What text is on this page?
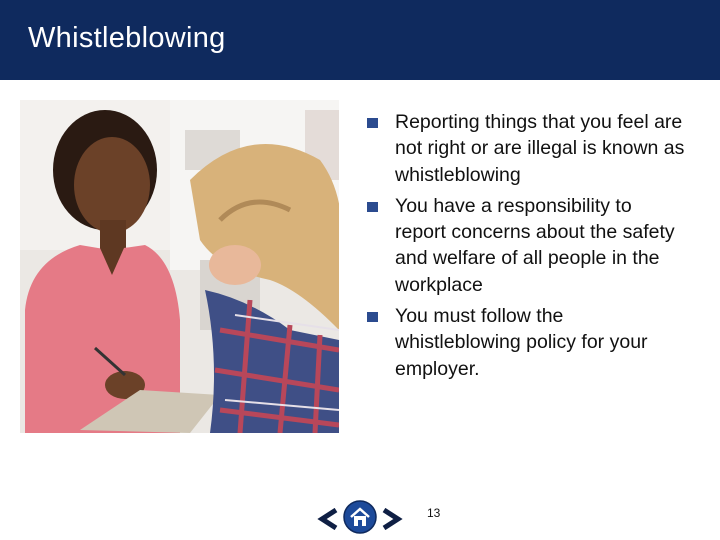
Whistleblowing
Reporting things that you feel are not right or are illegal is known as whistleblowing
You have a responsibility to report concerns about the safety and welfare of all people in the workplace
You must follow the whistleblowing policy for your employer.
13
